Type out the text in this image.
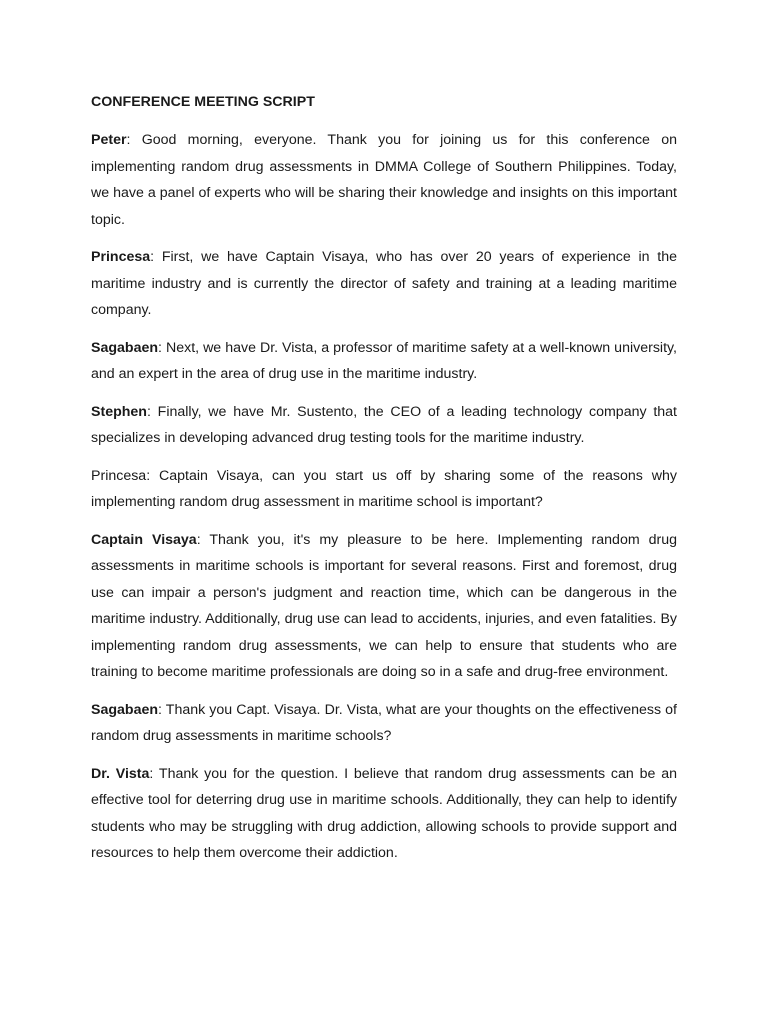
CONFERENCE MEETING SCRIPT

Peter: Good morning, everyone. Thank you for joining us for this conference on implementing random drug assessments in DMMA College of Southern Philippines. Today, we have a panel of experts who will be sharing their knowledge and insights on this important topic.

Princesa: First, we have Captain Visaya, who has over 20 years of experience in the maritime industry and is currently the director of safety and training at a leading maritime company.

Sagabaen: Next, we have Dr. Vista, a professor of maritime safety at a well-known university, and an expert in the area of drug use in the maritime industry.

Stephen: Finally, we have Mr. Sustento, the CEO of a leading technology company that specializes in developing advanced drug testing tools for the maritime industry.

Princesa: Captain Visaya, can you start us off by sharing some of the reasons why implementing random drug assessment in maritime school is important?

Captain Visaya: Thank you, it's my pleasure to be here. Implementing random drug assessments in maritime schools is important for several reasons. First and foremost, drug use can impair a person's judgment and reaction time, which can be dangerous in the maritime industry. Additionally, drug use can lead to accidents, injuries, and even fatalities. By implementing random drug assessments, we can help to ensure that students who are training to become maritime professionals are doing so in a safe and drug-free environment.

Sagabaen: Thank you Capt. Visaya. Dr. Vista, what are your thoughts on the effectiveness of random drug assessments in maritime schools?

Dr. Vista: Thank you for the question. I believe that random drug assessments can be an effective tool for deterring drug use in maritime schools. Additionally, they can help to identify students who may be struggling with drug addiction, allowing schools to provide support and resources to help them overcome their addiction.
